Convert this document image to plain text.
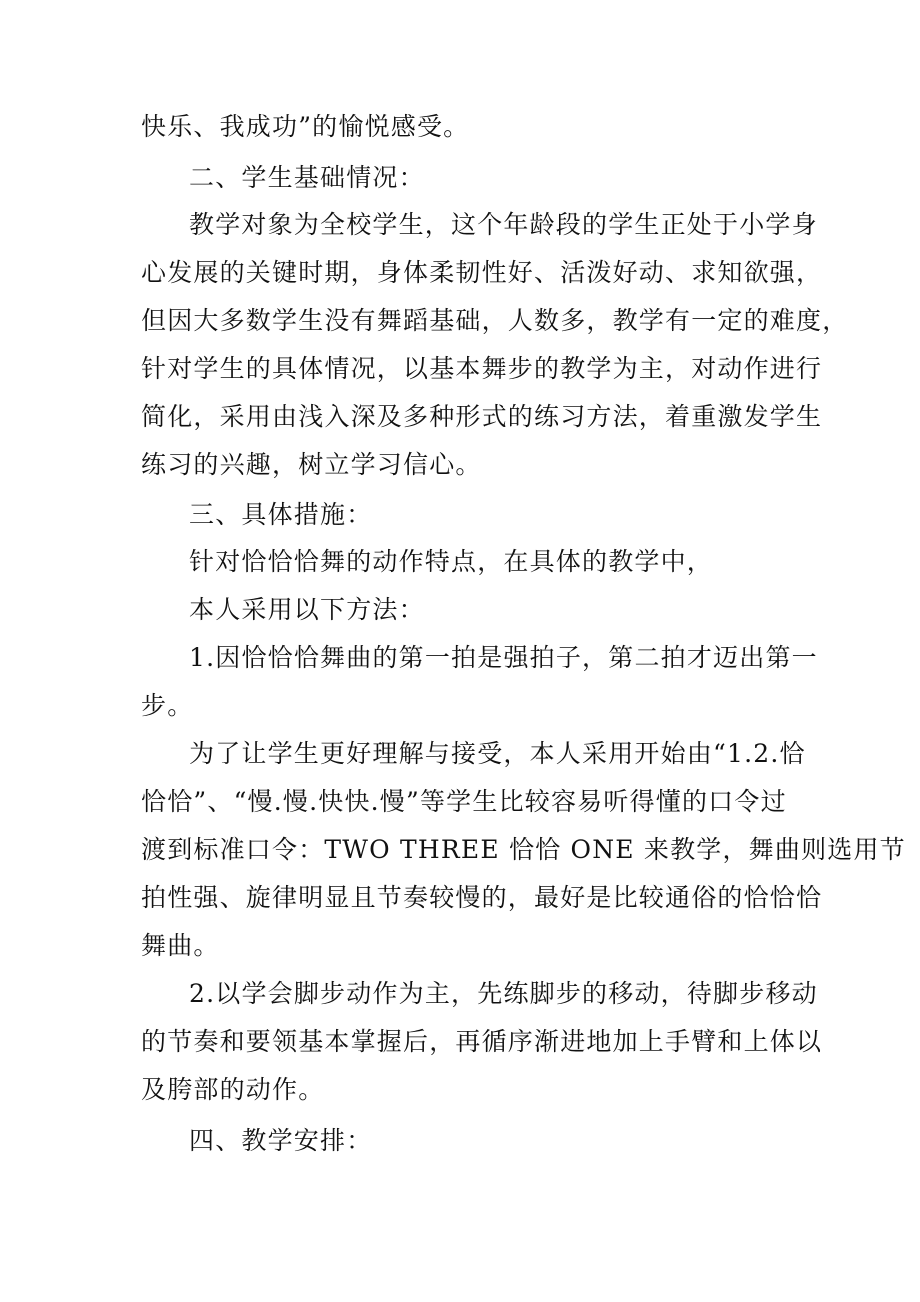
快乐、我成功”的愉悦感受。
二、学生基础情况：
教学对象为全校学生，这个年龄段的学生正处于小学身
心发展的关键时期，身体柔韧性好、活泼好动、求知欲强，
但因大多数学生没有舞蹈基础，人数多，教学有一定的难度，
针对学生的具体情况，以基本舞步的教学为主，对动作进行
简化，采用由浅入深及多种形式的练习方法，着重激发学生
练习的兴趣，树立学习信心。
三、具体措施：
针对恰恰恰舞的动作特点，在具体的教学中，
本人采用以下方法：
1.因恰恰恰舞曲的第一拍是强拍子，第二拍才迈出第一
步。
为了让学生更好理解与接受，本人采用开始由“1.2.恰
恰恰”、“慢.慢.快快.慢”等学生比较容易听得懂的口令过
渡到标准口令：TWO THREE 恰恰 ONE 来教学，舞曲则选用节
拍性强、旋律明显且节奏较慢的，最好是比较通俗的恰恰恰
舞曲。
2.以学会脚步动作为主，先练脚步的移动，待脚步移动
的节奏和要领基本掌握后，再循序渐进地加上手臂和上体以
及胯部的动作。
四、教学安排：
